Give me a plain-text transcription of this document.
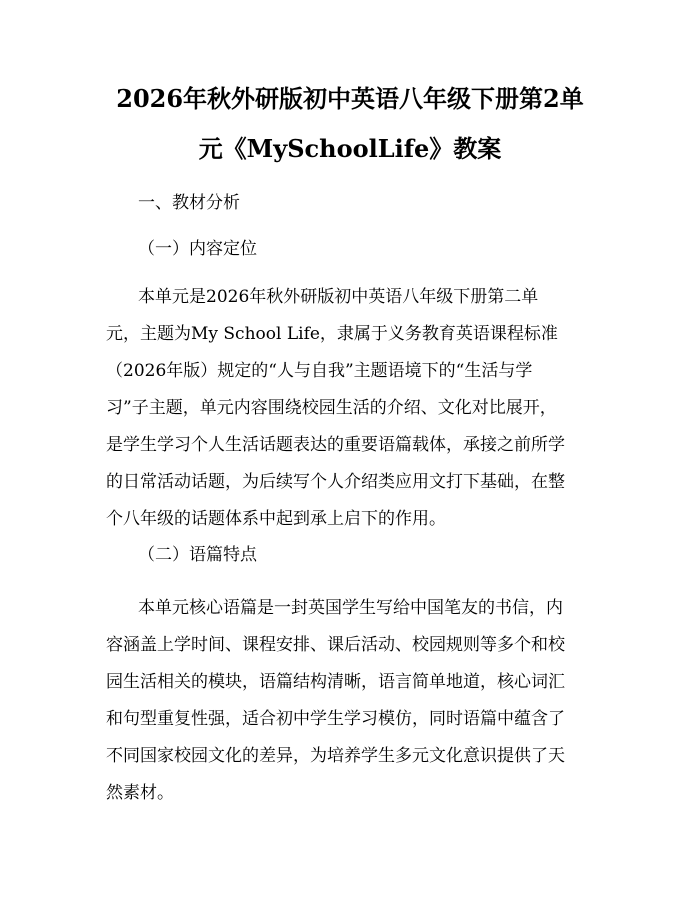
2026年秋外研版初中英语八年级下册第2单
元《MySchoolLife》教案
一、教材分析
（一）内容定位
本单元是2026年秋外研版初中英语八年级下册第二单
元，主题为My School Life，隶属于义务教育英语课程标准
（2026年版）规定的“人与自我”主题语境下的“生活与学
习”子主题，单元内容围绕校园生活的介绍、文化对比展开，
是学生学习个人生活话题表达的重要语篇载体，承接之前所学
的日常活动话题，为后续写个人介绍类应用文打下基础，在整
个八年级的话题体系中起到承上启下的作用。
（二）语篇特点
本单元核心语篇是一封英国学生写给中国笔友的书信，内
容涵盖上学时间、课程安排、课后活动、校园规则等多个和校
园生活相关的模块，语篇结构清晰，语言简单地道，核心词汇
和句型重复性强，适合初中学生学习模仿，同时语篇中蕴含了
不同国家校园文化的差异，为培养学生多元文化意识提供了天
然素材。
